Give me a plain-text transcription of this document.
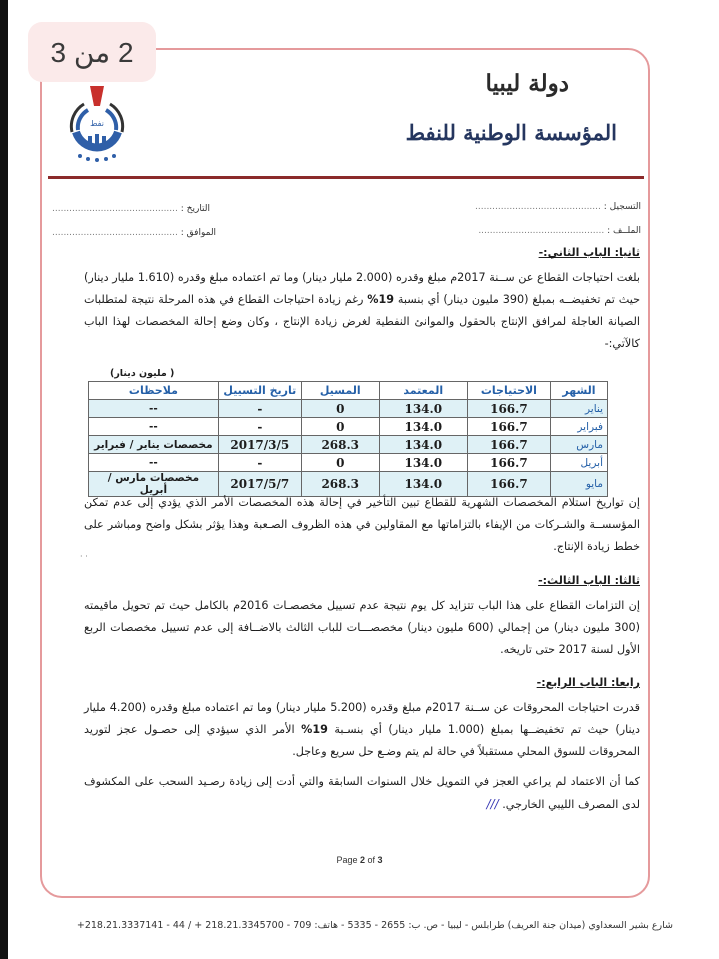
2 من 3
نفط
دولة ليبيا
المؤسسة الوطنية للنفط
التسجيل : ............................................
الملــف : ............................................
التاريخ : ............................................
الموافق : ............................................
ثانيا: الباب الثاني:-
بلغت احتياجات القطاع عن ســنة 2017م مبلغ وقدره (2.000 مليار دينار) وما تم اعتماده مبلغ وقدره (1.610 مليار دينار) حيث تم تخفيضــه بمبلغ (390 مليون دينار) أي بنسبة 19% رغم زيادة احتياجات القطاع في هذه المرحلة نتيجة لمتطلبات الصيانة العاجلة لمرافق الإنتاج بالحقول والموانئ النفطية لغرض زيادة الإنتاج ، وكان وضع إحالة المخصصات لهذا الباب كالآتي:-
( مليون دينار)
الشهر	الاحتياجات	المعتمد	المسيل	تاريخ التسييل	ملاحظات
يناير	166.7	134.0	0	-	--
فبراير	166.7	134.0	0	-	--
مارس	166.7	134.0	268.3	2017/3/5	مخصصات يناير / فبراير
أبريل	166.7	134.0	0	-	--
مايو	166.7	134.0	268.3	2017/5/7	مخصصات مارس / أبريل
إن تواريخ استلام المخصصات الشهرية للقطاع تبين التأخير في إحالة هذه المخصصات الأمر الذي يؤدي إلى عدم تمكن المؤسســة والشـركات من الإيفاء بالتزاماتها مع المقاولين في هذه الظروف الصـعبة وهذا يؤثر بشكل واضح ومباشر على خطط زيادة الإنتاج.
· ·
ثالثا: الباب الثالث:-
إن التزامات القطاع على هذا الباب تتزايد كل يوم نتيجة عدم تسييل مخصصـات 2016م بالكامل حيث تم تحويل ماقيمته (300 مليون دينار) من إجمالي (600 مليون دينار) مخصصـــات للباب الثالث بالاضــافة إلى عدم تسييل مخصصات الربع الأول لسنة 2017 حتى تاريخه.
رابعا: الباب الرابع:-
قدرت احتياجات المحروقات عن ســنة 2017م مبلغ وقدره (5.200 مليار دينار) وما تم اعتماده مبلغ وقدره (4.200 مليار دينار) حيث تم تخفيضــها بمبلغ (1.000 مليار دينار) أي بنسـبة 19% الأمر الذي سيؤدي إلى حصـول عجز لتوريد المحروقات للسوق المحلي مستقبلاً في حالة لم يتم وضـع حل سريع وعاجل.
كما أن الاعتماد لم يراعي العجز في التمويل خلال السنوات السابقة والتي أدت إلى زيادة رصـيد السحب على المكشوف لدى المصرف الليبي الخارجي. ///
Page 2 of 3
شارع بشير السعداوي (ميدان جنة العريف) طرابلس - ليبيا - ص. ب: 2655 - 5335 - هاتف: 709 - 218.21.3345700 + / 44 - 218.21.3337141+
